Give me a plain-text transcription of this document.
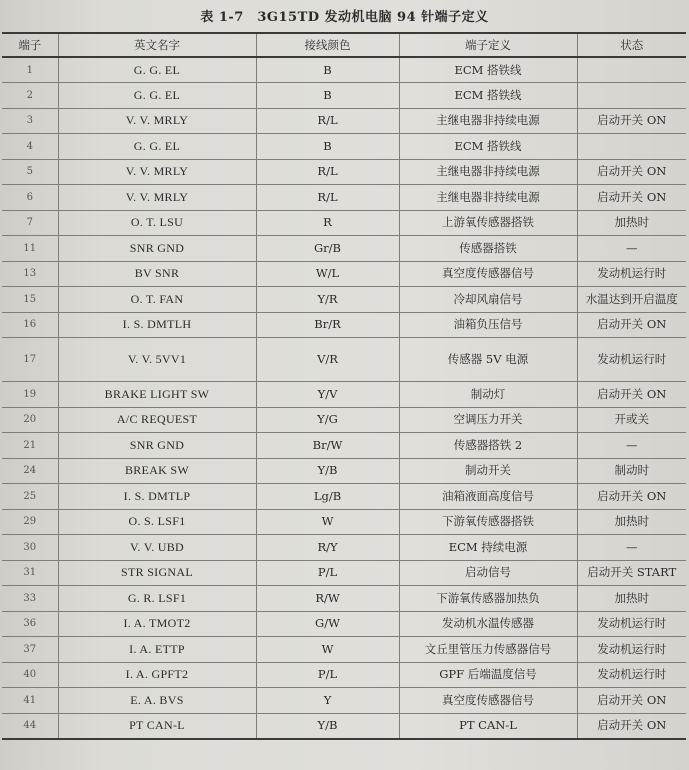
表 1-7　3G15TD 发动机电脑 94 针端子定义
端子	英文名字	接线颜色	端子定义	状态
1	G. G. EL	B	ECM 搭铁线	
2	G. G. EL	B	ECM 搭铁线	
3	V. V. MRLY	R/L	主继电器非持续电源	启动开关 ON
4	G. G. EL	B	ECM 搭铁线	
5	V. V. MRLY	R/L	主继电器非持续电源	启动开关 ON
6	V. V. MRLY	R/L	主继电器非持续电源	启动开关 ON
7	O. T. LSU	R	上游氧传感器搭铁	加热时
11	SNR GND	Gr/B	传感器搭铁	—
13	BV SNR	W/L	真空度传感器信号	发动机运行时
15	O. T. FAN	Y/R	冷却风扇信号	水温达到开启温度
16	I. S. DMTLH	Br/R	油箱负压信号	启动开关 ON
17	V. V. 5VV1	V/R	传感器 5V 电源	发动机运行时
19	BRAKE LIGHT SW	Y/V	制动灯	启动开关 ON
20	A/C REQUEST	Y/G	空调压力开关	开或关
21	SNR GND	Br/W	传感器搭铁 2	—
24	BREAK SW	Y/B	制动开关	制动时
25	I. S. DMTLP	Lg/B	油箱液面高度信号	启动开关 ON
29	O. S. LSF1	W	下游氧传感器搭铁	加热时
30	V. V. UBD	R/Y	ECM 持续电源	—
31	STR SIGNAL	P/L	启动信号	启动开关 START
33	G. R. LSF1	R/W	下游氧传感器加热负	加热时
36	I. A. TMOT2	G/W	发动机水温传感器	发动机运行时
37	I. A. ETTP	W	文丘里管压力传感器信号	发动机运行时
40	I. A. GPFT2	P/L	GPF 后端温度信号	发动机运行时
41	E. A. BVS	Y	真空度传感器信号	启动开关 ON
44	PT CAN-L	Y/B	PT CAN-L	启动开关 ON
